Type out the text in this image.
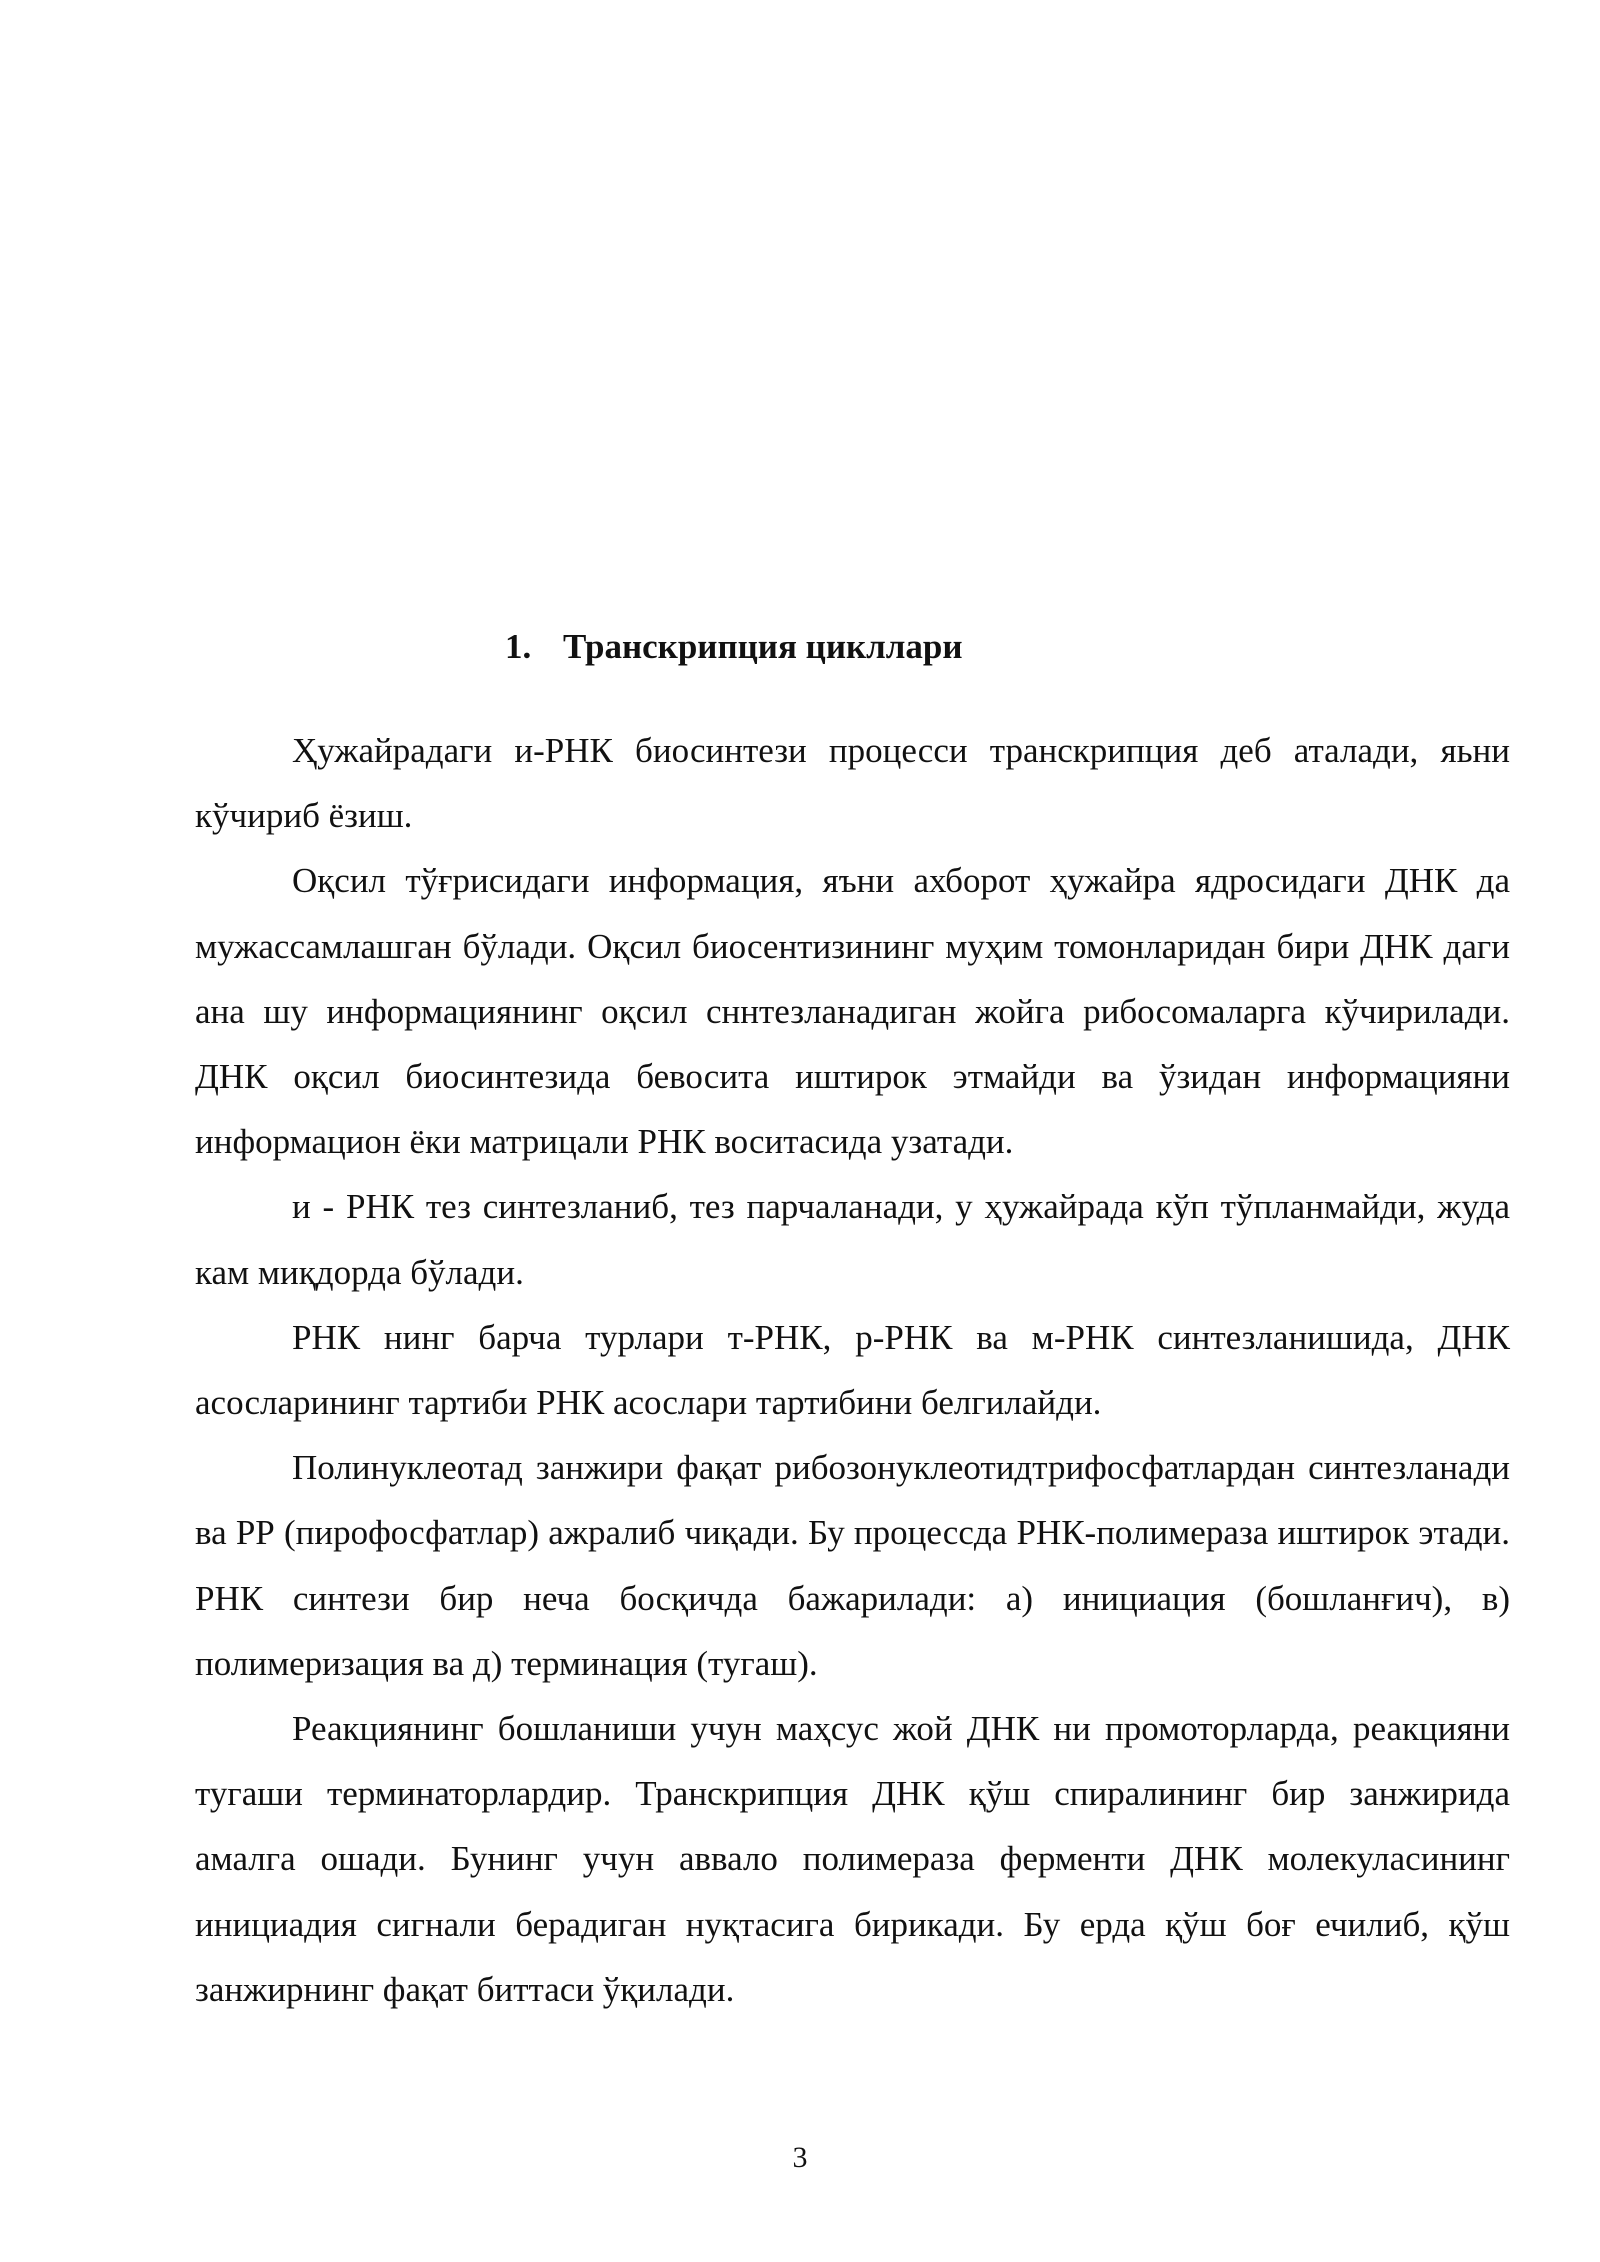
1. Транскрипция цикллари

Ҳужайрадаги и-РНК биосинтези процесси транскрипция деб аталади, яьни кўчириб ёзиш.

Оқсил тўғрисидаги информация, яъни ахборот ҳужайра ядросидаги ДНК да мужассамлашган бўлади. Оқсил биосентизининг муҳим томонларидан бири ДНК даги ана шу информациянинг оқсил сннтезланадиган жойга рибосомаларга кўчирилади. ДНК оқсил биосинтезида бевосита иштирок этмайди ва ўзидан информацияни информацион ёки матрицали РНК воситасида узатади.

и - РНК тез синтезланиб, тез парчаланади, у ҳужайрада кўп тўпланмайди, жуда кам миқдорда бўлади.

РНК нинг барча турлари т-РНК, р-РНК ва м-РНК синтезланишида, ДНК асосларининг тартиби РНК асослари тартибини белгилайди.

Полинуклеотад занжири фақат рибозонуклеотидтрифосфатлардан синтезланади ва РР (пирофосфатлар) ажралиб чиқади. Бу процессда РНК-полимераза иштирок этади. РНК синтези бир неча босқичда бажарилади: а) инициация (бошланғич), в) полимеризация ва д) терминация (тугаш).

Реакциянинг бошланиши учун маҳсус жой ДНК ни промоторларда, реакцияни тугаши терминаторлардир. Транскрипция ДНК қўш спиралининг бир занжирида амалга ошади. Бунинг учун аввало полимераза ферменти ДНК молекуласининг инициадия сигнали берадиган нуқтасига бирикади. Бу ерда қўш боғ ечилиб, қўш занжирнинг фақат биттаси ўқилади.

3
